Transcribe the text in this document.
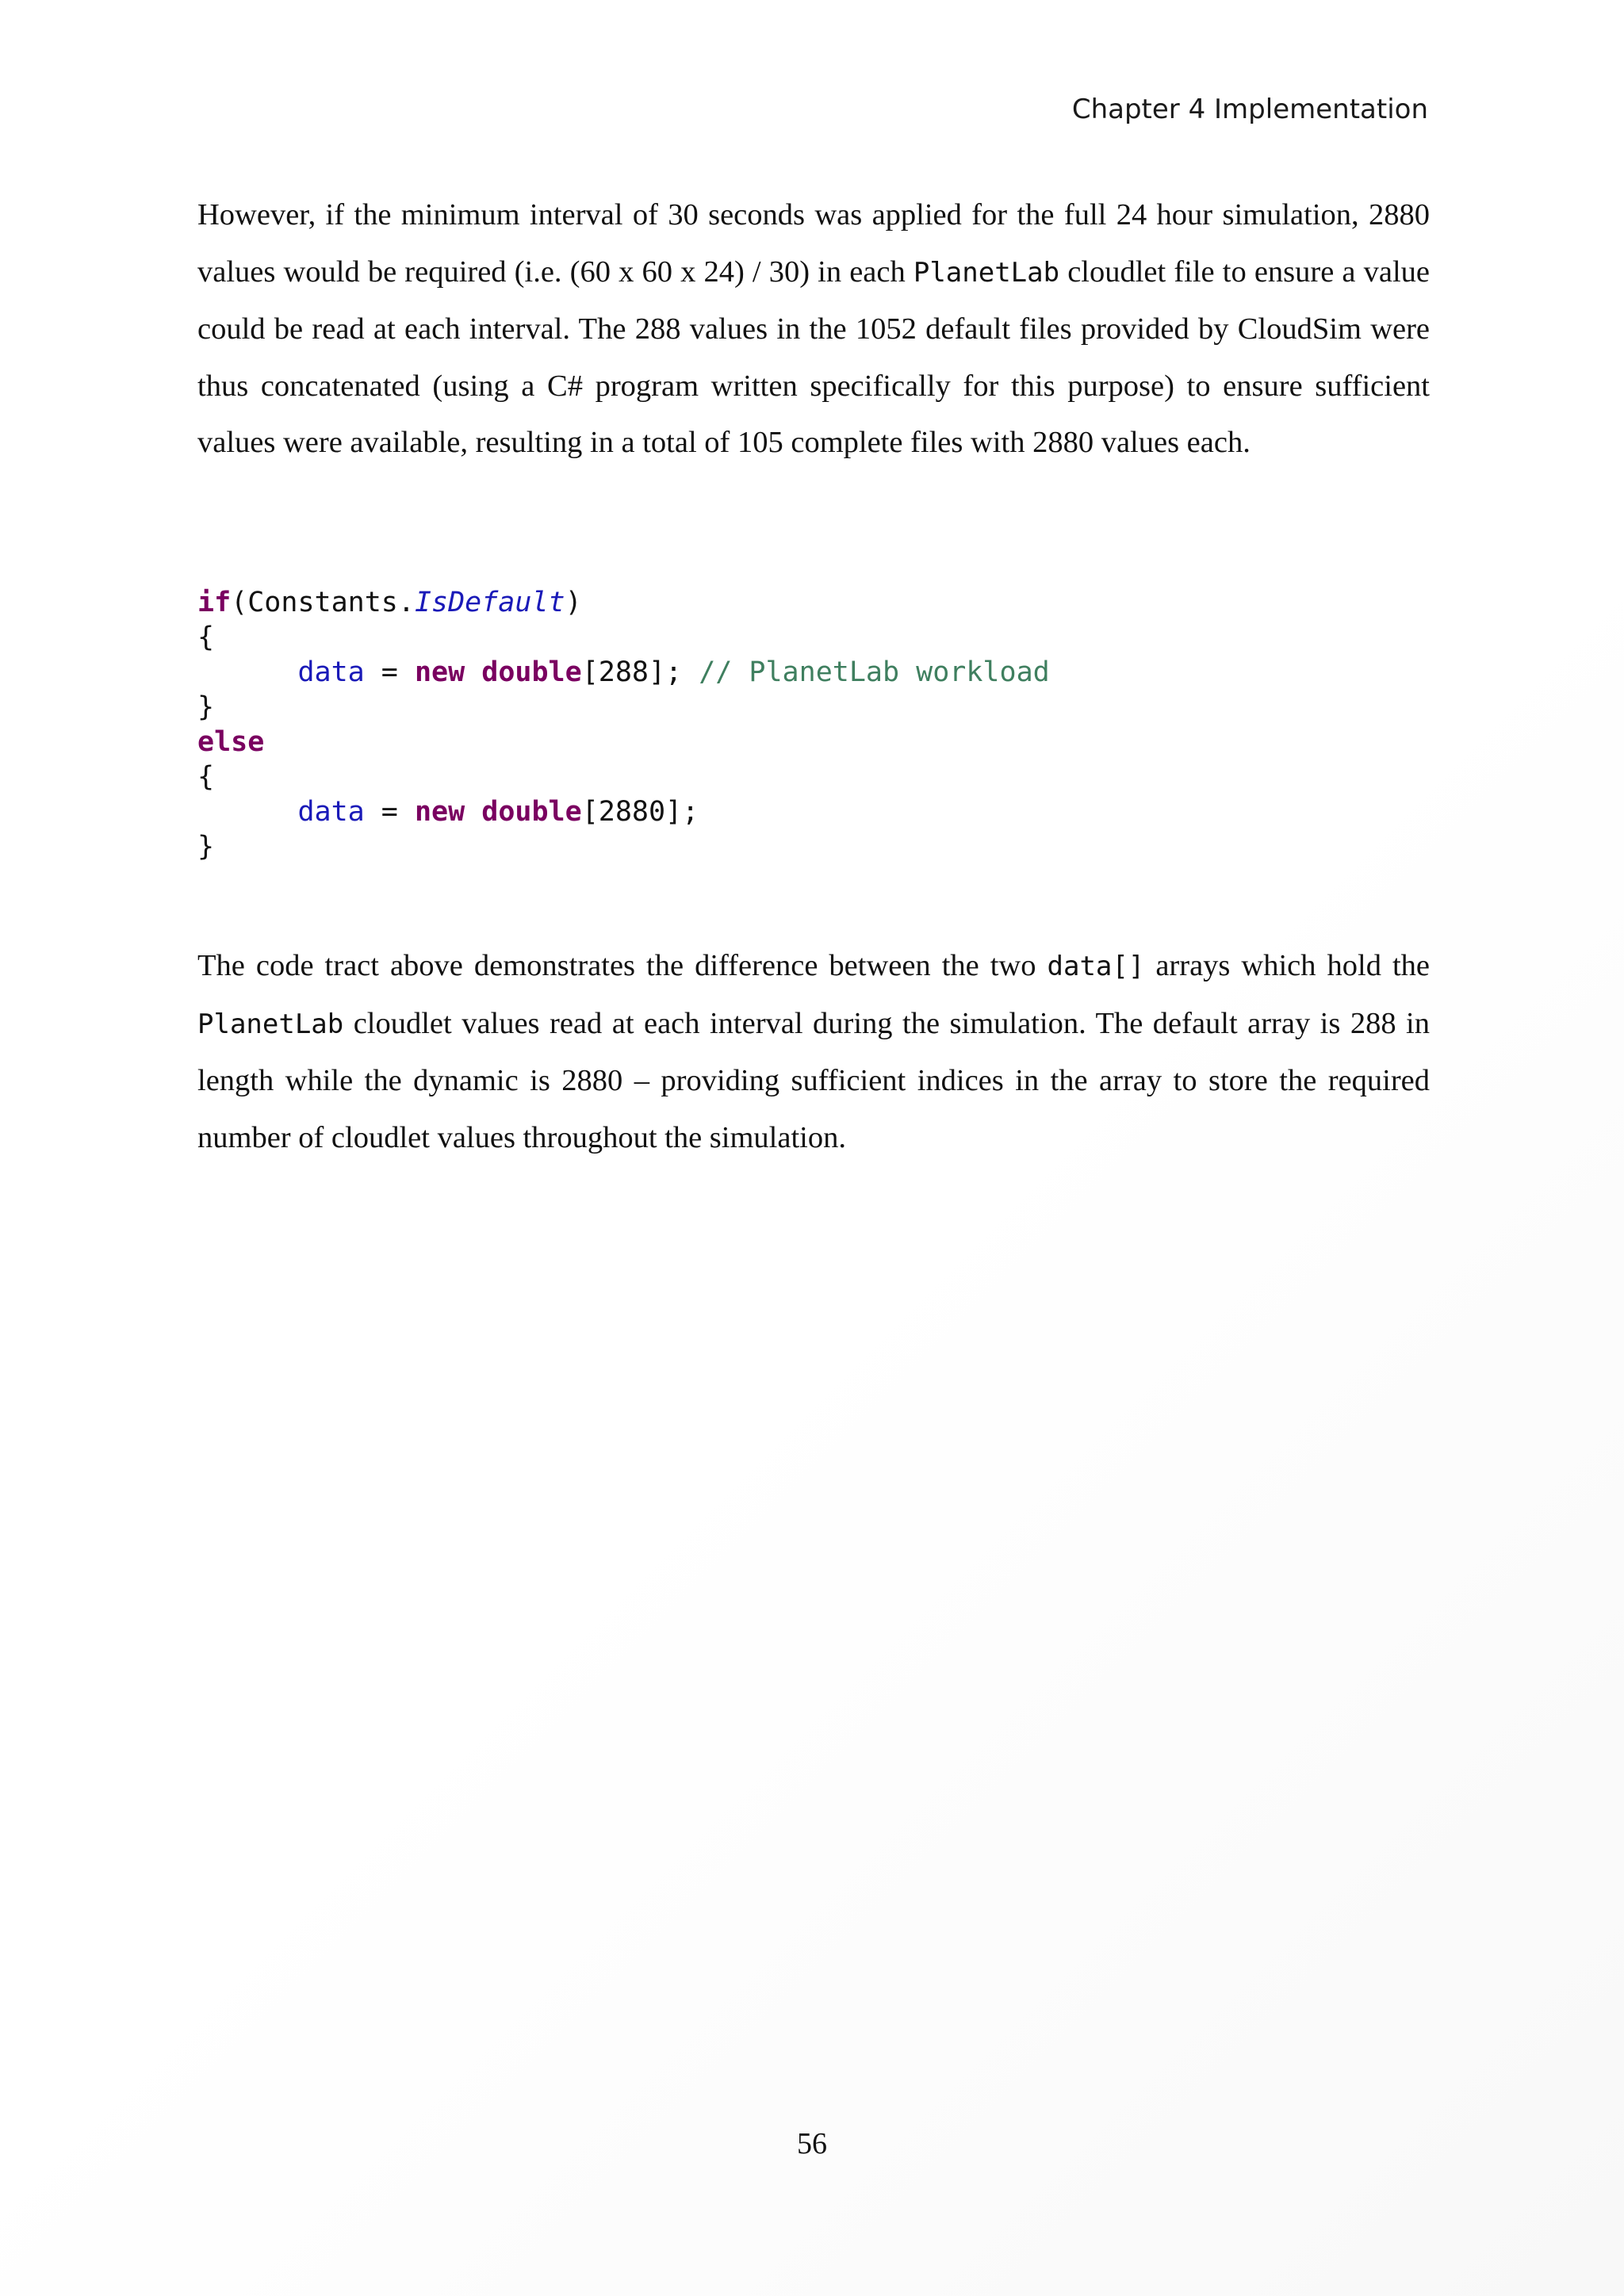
Chapter 4 Implementation

However, if the minimum interval of 30 seconds was applied for the full 24 hour simulation, 2880 values would be required (i.e. (60 x 60 x 24) / 30) in each PlanetLab cloudlet file to ensure a value could be read at each interval. The 288 values in the 1052 default files provided by CloudSim were thus concatenated (using a C# program written specifically for this purpose) to ensure sufficient values were available, resulting in a total of 105 complete files with 2880 values each.

if(Constants.IsDefault)
{
data = new double[288]; // PlanetLab workload
}
else
{
data = new double[2880];
}

The code tract above demonstrates the difference between the two data[] arrays which hold the PlanetLab cloudlet values read at each interval during the simulation. The default array is 288 in length while the dynamic is 2880 – providing sufficient indices in the array to store the required number of cloudlet values throughout the simulation.

56
